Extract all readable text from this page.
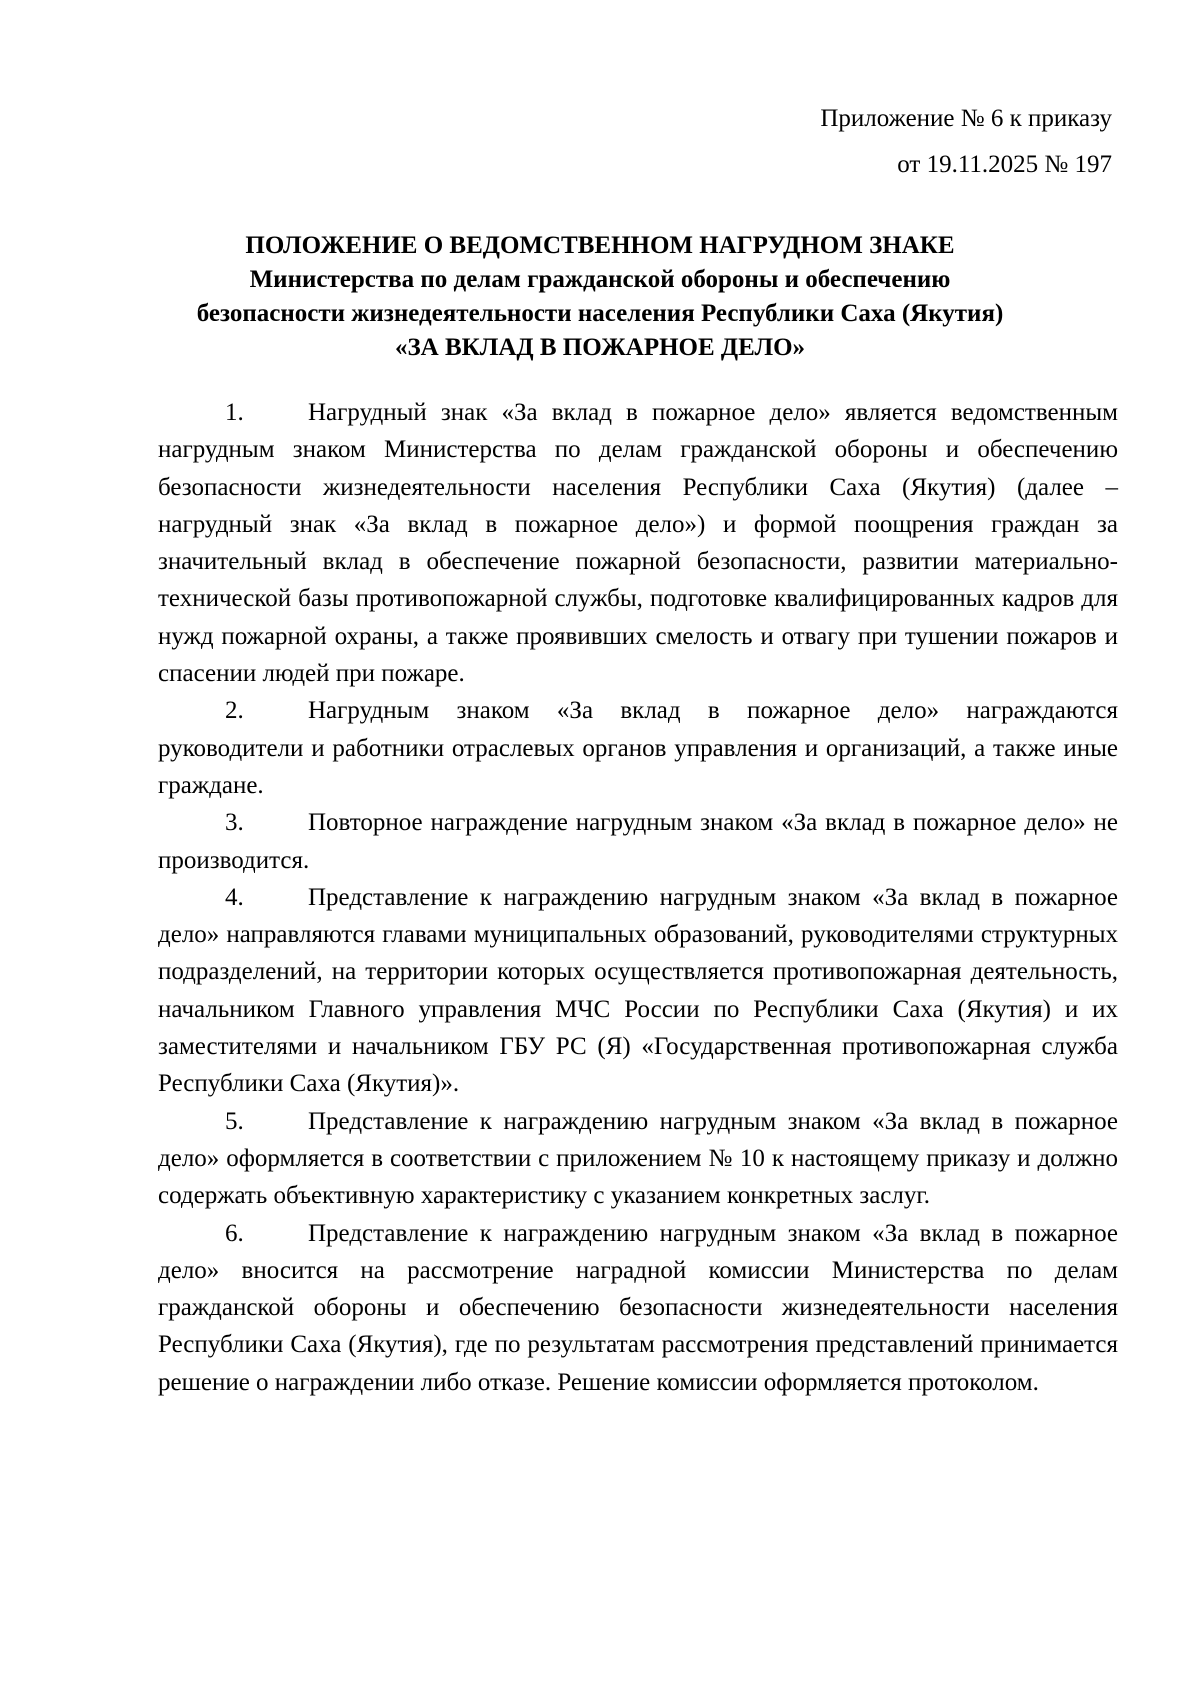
Приложение № 6 к приказу
от 19.11.2025 № 197
ПОЛОЖЕНИЕ О ВЕДОМСТВЕННОМ НАГРУДНОМ ЗНАКЕ
Министерства по делам гражданской обороны и обеспечению
безопасности жизнедеятельности населения Республики Саха (Якутия)
«ЗА ВКЛАД В ПОЖАРНОЕ ДЕЛО»

1.	Нагрудный знак «За вклад в пожарное дело» является ведомственным нагрудным знаком Министерства по делам гражданской обороны и обеспечению безопасности жизнедеятельности населения Республики Саха (Якутия) (далее – нагрудный знак «За вклад в пожарное дело») и формой поощрения граждан за значительный вклад в обеспечение пожарной безопасности, развитии материально-технической базы противопожарной службы, подготовке квалифицированных кадров для нужд пожарной охраны, а также проявивших смелость и отвагу при тушении пожаров и спасении людей при пожаре.

2.	Нагрудным знаком «За вклад в пожарное дело» награждаются руководители и работники отраслевых органов управления и организаций, а также иные граждане.

3.	Повторное награждение нагрудным знаком «За вклад в пожарное дело» не производится.

4.	Представление к награждению нагрудным знаком «За вклад в пожарное дело» направляются главами муниципальных образований, руководителями структурных подразделений, на территории которых осуществляется противопожарная деятельность, начальником Главного управления МЧС России по Республики Саха (Якутия) и их заместителями и начальником ГБУ РС (Я) «Государственная противопожарная служба Республики Саха (Якутия)».

5.	Представление к награждению нагрудным знаком «За вклад в пожарное дело» оформляется в соответствии с приложением № 10 к настоящему приказу и должно содержать объективную характеристику с указанием конкретных заслуг.

6.	Представление к награждению нагрудным знаком «За вклад в пожарное дело» вносится на рассмотрение наградной комиссии Министерства по делам гражданской обороны и обеспечению безопасности жизнедеятельности населения Республики Саха (Якутия), где по результатам рассмотрения представлений принимается решение о награждении либо отказе. Решение комиссии оформляется протоколом.
